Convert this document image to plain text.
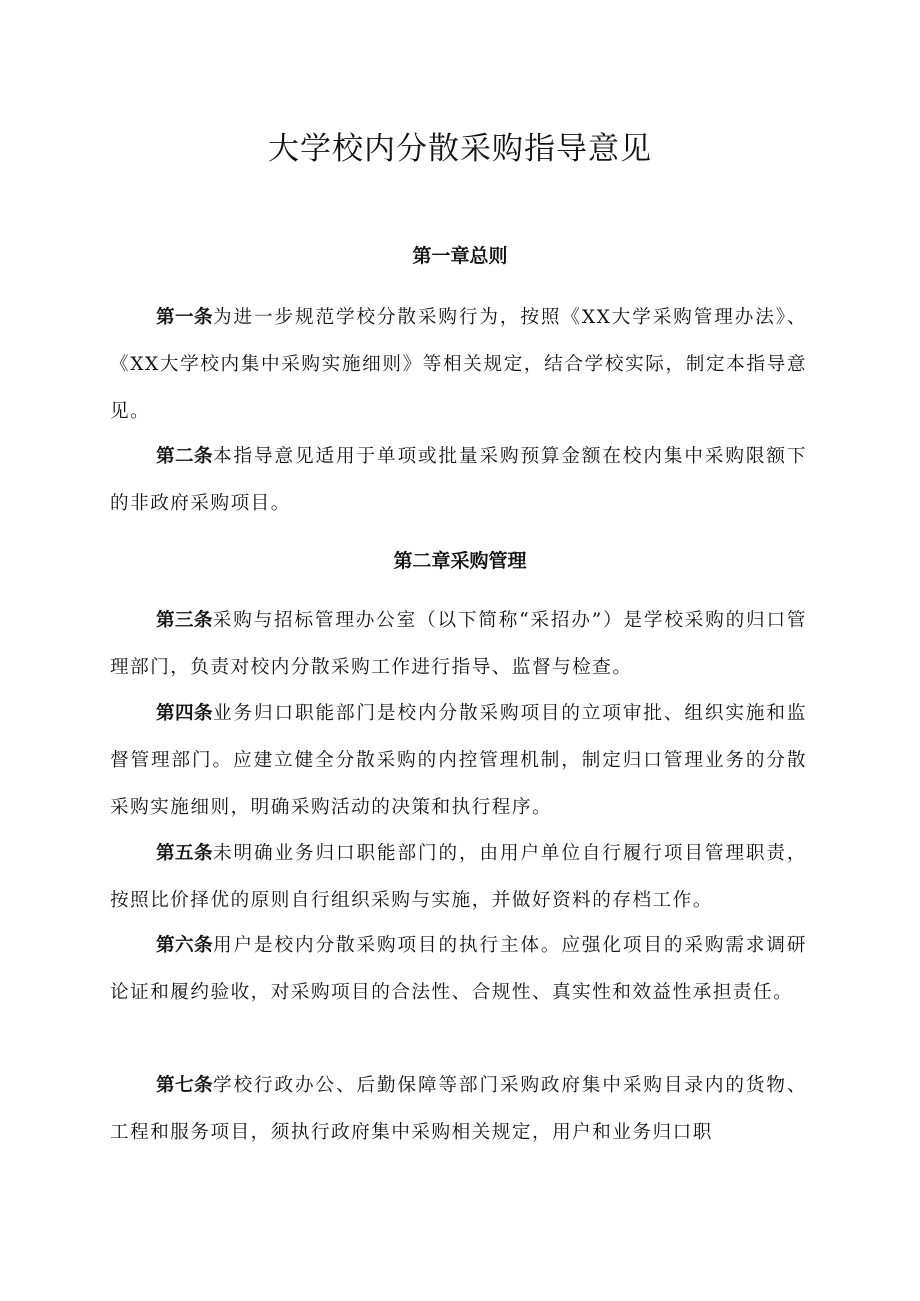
大学校内分散采购指导意见
第一章总则

第一条为进一步规范学校分散采购行为，按照《XX大学采购管理办法》、《XX大学校内集中采购实施细则》等相关规定，结合学校实际，制定本指导意见。

第二条本指导意见适用于单项或批量采购预算金额在校内集中采购限额下的非政府采购项目。

第二章采购管理

第三条采购与招标管理办公室（以下简称“采招办”）是学校采购的归口管理部门，负责对校内分散采购工作进行指导、监督与检查。

第四条业务归口职能部门是校内分散采购项目的立项审批、组织实施和监督管理部门。应建立健全分散采购的内控管理机制，制定归口管理业务的分散采购实施细则，明确采购活动的决策和执行程序。

第五条未明确业务归口职能部门的，由用户单位自行履行项目管理职责，按照比价择优的原则自行组织采购与实施，并做好资料的存档工作。

第六条用户是校内分散采购项目的执行主体。应强化项目的采购需求调研论证和履约验收，对采购项目的合法性、合规性、真实性和效益性承担责任。

第七条学校行政办公、后勤保障等部门采购政府集中采购目录内的货物、工程和服务项目，须执行政府集中采购相关规定，用户和业务归口职
